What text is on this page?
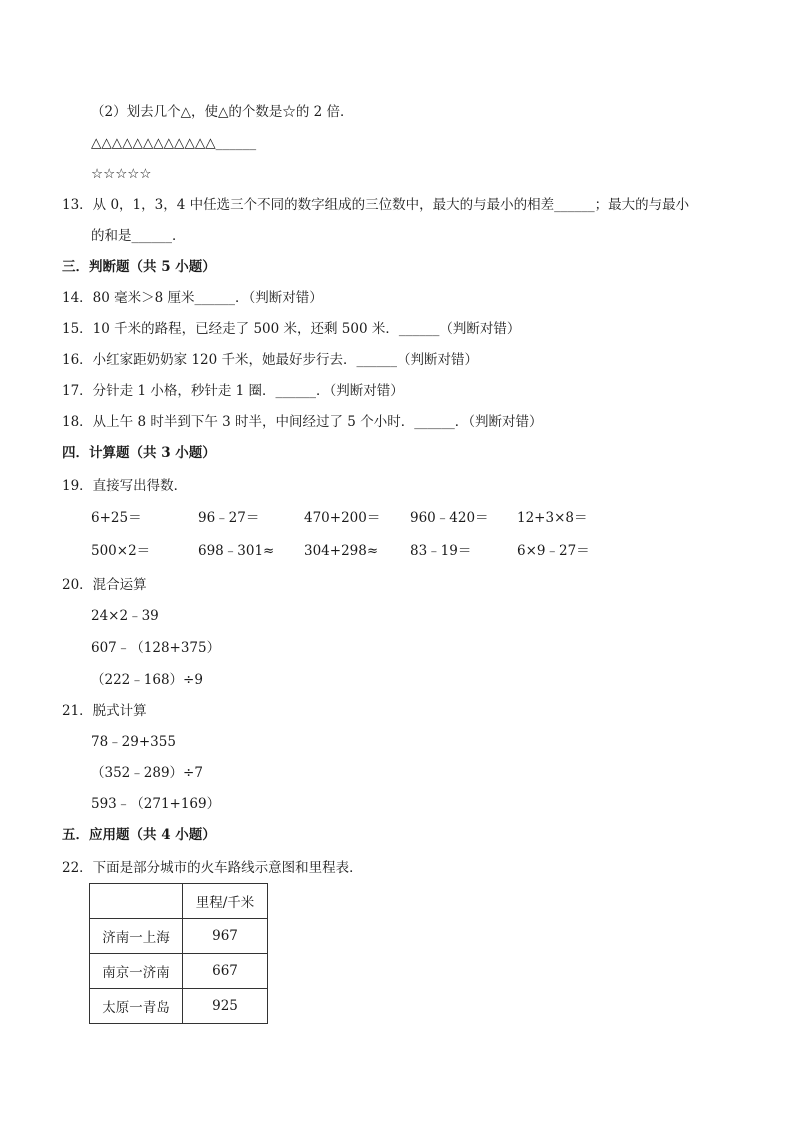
（2）划去几个△，使△的个数是☆的 2 倍．
△△△△△△△△△△△△______
☆☆☆☆☆
13．从 0，1，3，4 中任选三个不同的数字组成的三位数中，最大的与最小的相差______；最大的与最小
的和是______．
三．判断题（共 5 小题）
14．80 毫米＞8 厘米______．（判断对错）
15．10 千米的路程，已经走了 500 米，还剩 500 米．______（判断对错）
16．小红家距奶奶家 120 千米，她最好步行去．______（判断对错）
17．分针走 1 小格，秒针走 1 圈．______．（判断对错）
18．从上午 8 时半到下午 3 时半，中间经过了 5 个小时．______．（判断对错）
四．计算题（共 3 小题）
19．直接写出得数．
6+25＝	96﹣27＝	470+200＝ 960﹣420＝ 12+3×8＝
500×2＝	698﹣301≈ 304+298≈ 83﹣19＝	6×9﹣27＝
20．混合运算
24×2﹣39
607﹣（128+375）
（222﹣168）÷9
21．脱式计算
78﹣29+355
（352﹣289）÷7
593﹣（271+169）
五．应用题（共 4 小题）
22．下面是部分城市的火车路线示意图和里程表．
	里程/千米
济南一上海	967
南京一济南	667
太原一青岛	925
